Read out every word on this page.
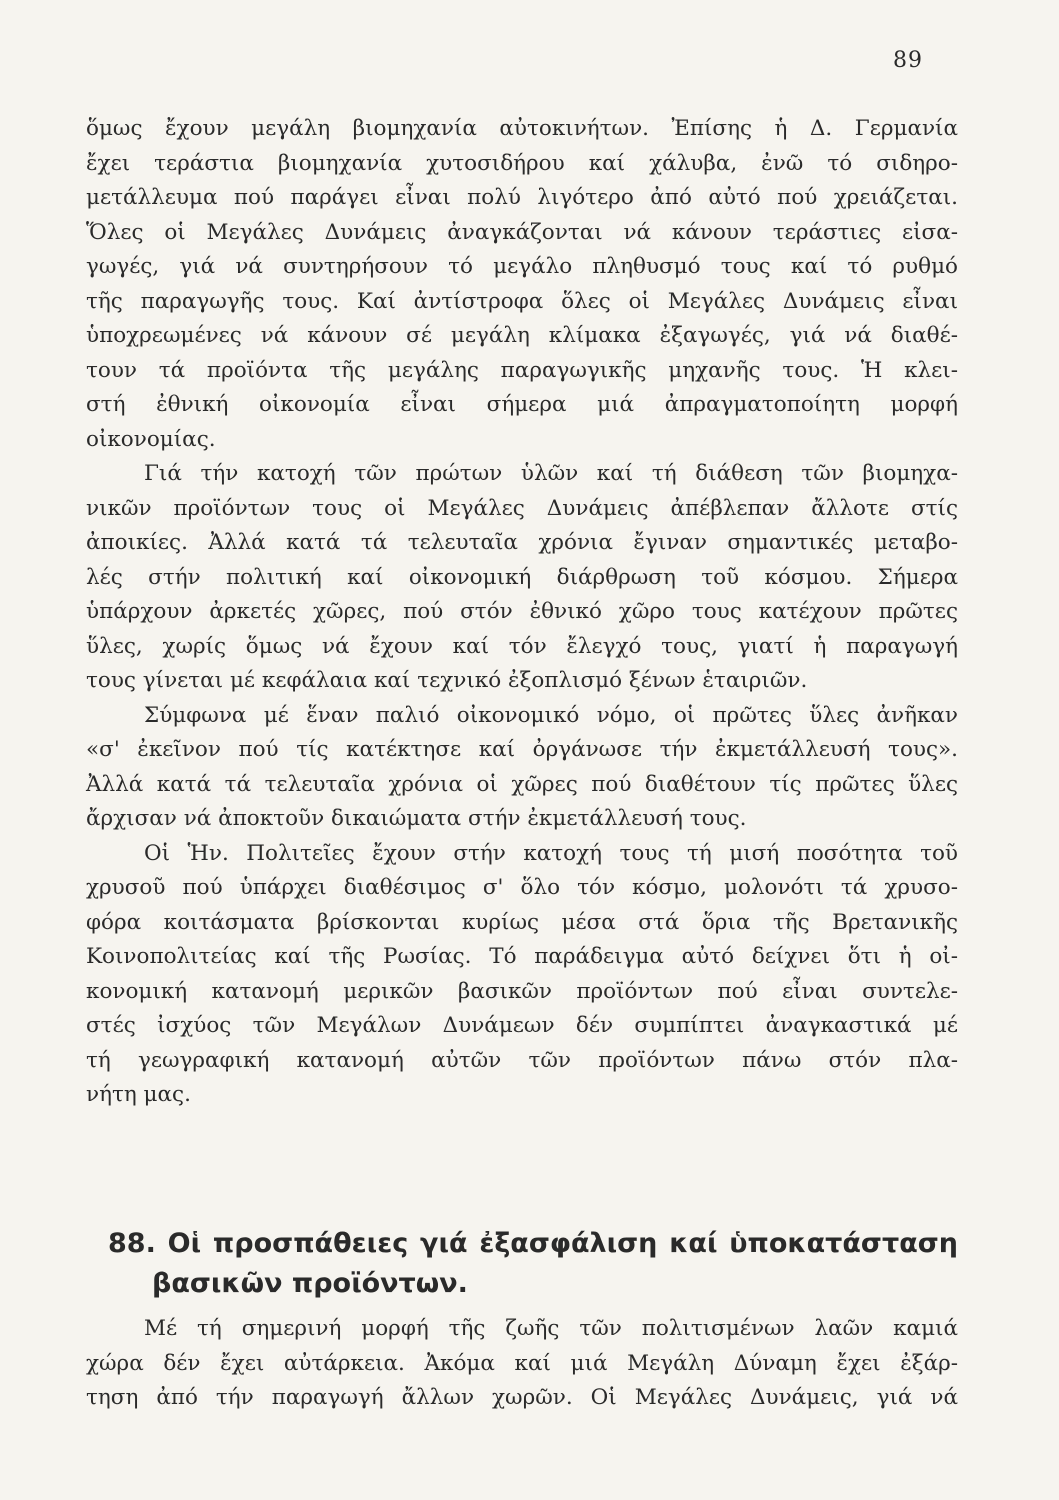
89
ὅμως ἔχουν μεγάλη βιομηχανία αὐτοκινήτων. Ἐπίσης ἡ Δ. Γερμανία
ἔχει τεράστια βιομηχανία χυτοσιδήρου καί χάλυβα, ἐνῶ τό σιδηρο-
μετάλλευμα πού παράγει εἶναι πολύ λιγότερο ἀπό αὐτό πού χρειάζεται.
Ὅλες οἱ Μεγάλες Δυνάμεις ἀναγκάζονται νά κάνουν τεράστιες εἰσα-
γωγές, γιά νά συντηρήσουν τό μεγάλο πληθυσμό τους καί τό ρυθμό
τῆς παραγωγῆς τους. Καί ἀντίστροφα ὅλες οἱ Μεγάλες Δυνάμεις εἶναι
ὑποχρεωμένες νά κάνουν σέ μεγάλη κλίμακα ἐξαγωγές, γιά νά διαθέ-
τουν τά προϊόντα τῆς μεγάλης παραγωγικῆς μηχανῆς τους. Ἡ κλει-
στή ἐθνική οἰκονομία εἶναι σήμερα μιά ἀπραγματοποίητη μορφή
οἰκονομίας.
Γιά τήν κατοχή τῶν πρώτων ὑλῶν καί τή διάθεση τῶν βιομηχα-
νικῶν προϊόντων τους οἱ Μεγάλες Δυνάμεις ἀπέβλεπαν ἄλλοτε στίς
ἀποικίες. Ἀλλά κατά τά τελευταῖα χρόνια ἔγιναν σημαντικές μεταβο-
λές στήν πολιτική καί οἰκονομική διάρθρωση τοῦ κόσμου. Σήμερα
ὑπάρχουν ἀρκετές χῶρες, πού στόν ἐθνικό χῶρο τους κατέχουν πρῶτες
ὕλες, χωρίς ὅμως νά ἔχουν καί τόν ἔλεγχό τους, γιατί ἡ παραγωγή
τους γίνεται μέ κεφάλαια καί τεχνικό ἐξοπλισμό ξένων ἑταιριῶν.
Σύμφωνα μέ ἕναν παλιό οἰκονομικό νόμο, οἱ πρῶτες ὕλες ἀνῆκαν
«σ' ἐκεῖνον πού τίς κατέκτησε καί ὀργάνωσε τήν ἐκμετάλλευσή τους».
Ἀλλά κατά τά τελευταῖα χρόνια οἱ χῶρες πού διαθέτουν τίς πρῶτες ὕλες
ἄρχισαν νά ἀποκτοῦν δικαιώματα στήν ἐκμετάλλευσή τους.
Οἱ Ἡν. Πολιτεῖες ἔχουν στήν κατοχή τους τή μισή ποσότητα τοῦ
χρυσοῦ πού ὑπάρχει διαθέσιμος σ' ὅλο τόν κόσμο, μολονότι τά χρυσο-
φόρα κοιτάσματα βρίσκονται κυρίως μέσα στά ὅρια τῆς Βρετανικῆς
Κοινοπολιτείας καί τῆς Ρωσίας. Τό παράδειγμα αὐτό δείχνει ὅτι ἡ οἰ-
κονομική κατανομή μερικῶν βασικῶν προϊόντων πού εἶναι συντελε-
στές ἰσχύος τῶν Μεγάλων Δυνάμεων δέν συμπίπτει ἀναγκαστικά μέ
τή γεωγραφική κατανομή αὐτῶν τῶν προϊόντων πάνω στόν πλα-
νήτη μας.
88. Οἱ προσπάθειες γιά ἐξασφάλιση καί ὑποκατάσταση
βασικῶν προϊόντων.
Μέ τή σημερινή μορφή τῆς ζωῆς τῶν πολιτισμένων λαῶν καμιά
χώρα δέν ἔχει αὐτάρκεια. Ἀκόμα καί μιά Μεγάλη Δύναμη ἔχει ἐξάρ-
τηση ἀπό τήν παραγωγή ἄλλων χωρῶν. Οἱ Μεγάλες Δυνάμεις, γιά νά
